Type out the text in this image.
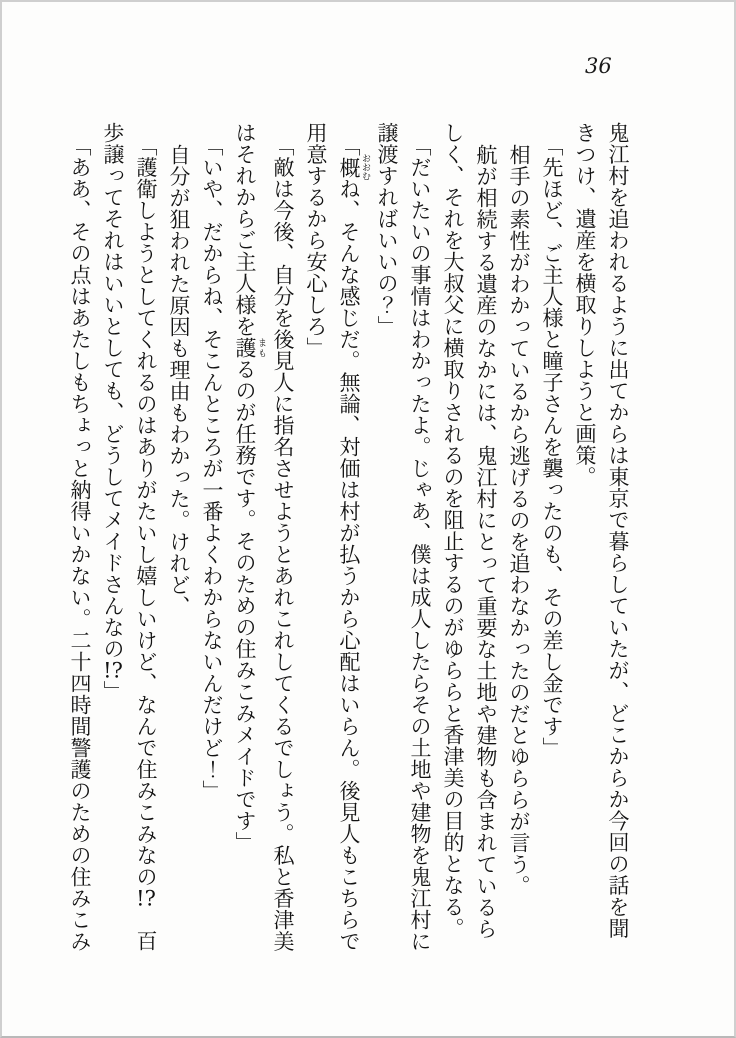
36
鬼江村を追われるように出てからは東京で暮らしていたが、どこからか今回の話を聞
きつけ、遺産を横取りしようと画策。
「先ほど、ご主人様と瞳子さんを襲ったのも、その差し金です」
相手の素性がわかっているから逃げるのを追わなかったのだとゆららが言う。
航が相続する遺産のなかには、鬼江村にとって重要な土地や建物も含まれているら
しく、それを大叔父に横取りされるのを阻止するのがゆららと香津美の目的となる。
「だいたいの事情はわかったよ。じゃあ、僕は成人したらその土地や建物を鬼江村に
譲渡すればいいの？」
「概 おおむね、そんな感じだ。無論、対価は村が払うから心配はいらん。後見人もこちらで
用意するから安心しろ」
「敵は今後、自分を後見人に指名させようとあれこれしてくるでしょう。私と香津美
はそれからご主人様を護 まもるのが任務です。そのための住みこみメイドです」
「いや、だからね、そこんところが一番よくわからないんだけど！」
自分が狙われた原因も理由もわかった。けれど、
「護衛しようとしてくれるのはありがたいし嬉しいけど、なんで住みこみなの!?　百
歩譲ってそれはいいとしても、どうしてメイドさんなの!?」
「ああ、その点はあたしもちょっと納得いかない。二十四時間警護のための住みこみ
